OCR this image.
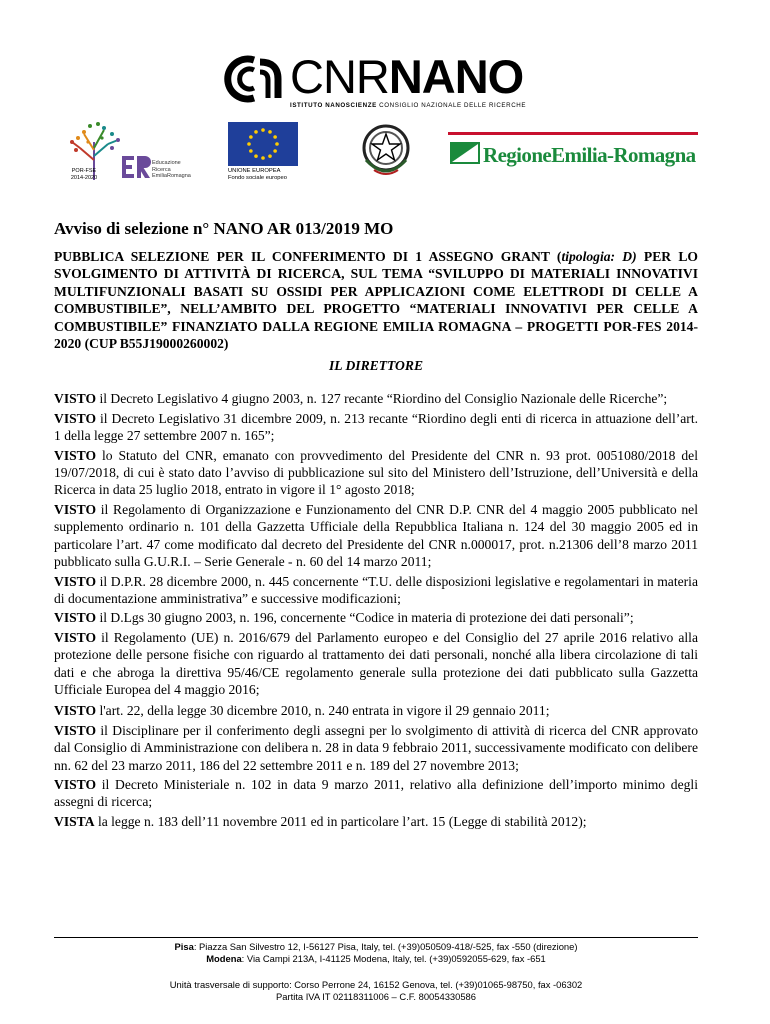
CNRNANO
ISTITUTO NANOSCIENZE CONSIGLIO NAZIONALE DELLE RICERCHE
POR-FSE
2014-2020
Educazione
Ricerca
EmiliaRomagna
UNIONE EUROPEA
Fondo sociale europeo
RegioneEmilia-Romagna
Avviso di selezione n° NANO AR 013/2019 MO

PUBBLICA SELEZIONE PER IL CONFERIMENTO DI 1 ASSEGNO GRANT (tipologia: D) PER LO SVOLGIMENTO DI ATTIVITÀ DI RICERCA, SUL TEMA “SVILUPPO DI MATERIALI INNOVATIVI MULTIFUNZIONALI BASATI SU OSSIDI PER APPLICAZIONI COME ELETTRODI DI CELLE A COMBUSTIBILE”, NELL’AMBITO DEL PROGETTO “MATERIALI INNOVATIVI PER CELLE A COMBUSTIBILE” FINANZIATO DALLA REGIONE EMILIA ROMAGNA – PROGETTI POR-FES 2014-2020 (CUP B55J19000260002)

IL DIRETTORE

VISTO il Decreto Legislativo 4 giugno 2003, n. 127 recante “Riordino del Consiglio Nazionale delle Ricerche”;

VISTO il Decreto Legislativo 31 dicembre 2009, n. 213 recante “Riordino degli enti di ricerca in attuazione dell’art. 1 della legge 27 settembre 2007 n. 165”;

VISTO lo Statuto del CNR, emanato con provvedimento del Presidente del CNR n. 93 prot. 0051080/2018 del 19/07/2018, di cui è stato dato l’avviso di pubblicazione sul sito del Ministero dell’Istruzione, dell’Università e della Ricerca in data 25 luglio 2018, entrato in vigore il 1° agosto 2018;

VISTO il Regolamento di Organizzazione e Funzionamento del CNR D.P. CNR del 4 maggio 2005 pubblicato nel supplemento ordinario n. 101 della Gazzetta Ufficiale della Repubblica Italiana n. 124 del 30 maggio 2005 ed in particolare l’art. 47 come modificato dal decreto del Presidente del CNR n.000017, prot. n.21306 dell’8 marzo 2011 pubblicato sulla G.U.R.I. – Serie Generale - n. 60 del 14 marzo 2011;

VISTO il D.P.R. 28 dicembre 2000, n. 445 concernente “T.U. delle disposizioni legislative e regolamentari in materia di documentazione amministrativa” e successive modificazioni;

VISTO il D.Lgs 30 giugno 2003, n. 196, concernente “Codice in materia di protezione dei dati personali”;

VISTO il Regolamento (UE) n. 2016/679 del Parlamento europeo e del Consiglio del 27 aprile 2016 relativo alla protezione delle persone fisiche con riguardo al trattamento dei dati personali, nonché alla libera circolazione di tali dati e che abroga la direttiva 95/46/CE regolamento generale sulla protezione dei dati pubblicato sulla Gazzetta Ufficiale Europea del 4 maggio 2016;

VISTO l'art. 22, della legge 30 dicembre 2010, n. 240 entrata in vigore il 29 gennaio 2011;

VISTO il Disciplinare per il conferimento degli assegni per lo svolgimento di attività di ricerca del CNR approvato dal Consiglio di Amministrazione con delibera n. 28 in data 9 febbraio 2011, successivamente modificato con delibere nn. 62 del 23 marzo 2011, 186 del 22 settembre 2011 e n. 189 del 27 novembre 2013;

VISTO il Decreto Ministeriale n. 102 in data 9 marzo 2011, relativo alla definizione dell’importo minimo degli assegni di ricerca;

VISTA la legge n. 183 dell’11 novembre 2011 ed in particolare l’art. 15 (Legge di stabilità 2012);

Pisa: Piazza San Silvestro 12, I-56127 Pisa, Italy, tel. (+39)050509-418/-525, fax -550 (direzione)
Modena: Via Campi 213A, I-41125 Modena, Italy, tel. (+39)0592055-629, fax -651
Unità trasversale di supporto: Corso Perrone 24, 16152 Genova, tel. (+39)01065-98750, fax -06302
Partita IVA IT 02118311006 – C.F. 80054330586
